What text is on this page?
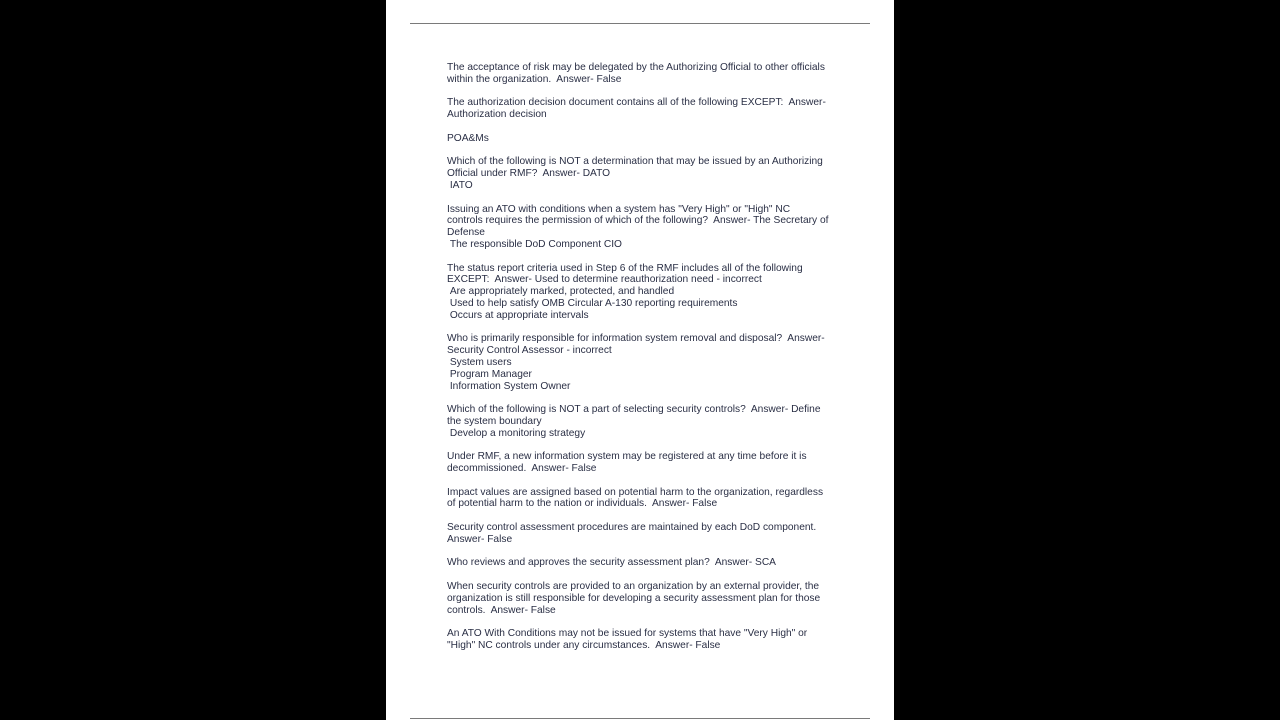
The acceptance of risk may be delegated by the Authorizing Official to other officials
within the organization.  Answer- False
The authorization decision document contains all of the following EXCEPT:  Answer-
Authorization decision
POA&Ms
Which of the following is NOT a determination that may be issued by an Authorizing
Official under RMF?  Answer- DATO
IATO
Issuing an ATO with conditions when a system has "Very High" or "High" NC
controls requires the permission of which of the following?  Answer- The Secretary of
Defense
The responsible DoD Component CIO
The status report criteria used in Step 6 of the RMF includes all of the following
EXCEPT:  Answer- Used to determine reauthorization need - incorrect
Are appropriately marked, protected, and handled
Used to help satisfy OMB Circular A-130 reporting requirements
Occurs at appropriate intervals
Who is primarily responsible for information system removal and disposal?  Answer-
Security Control Assessor - incorrect
System users
Program Manager
Information System Owner
Which of the following is NOT a part of selecting security controls?  Answer- Define
the system boundary
Develop a monitoring strategy
Under RMF, a new information system may be registered at any time before it is
decommissioned.  Answer- False
Impact values are assigned based on potential harm to the organization, regardless
of potential harm to the nation or individuals.  Answer- False
Security control assessment procedures are maintained by each DoD component.
Answer- False
Who reviews and approves the security assessment plan?  Answer- SCA
When security controls are provided to an organization by an external provider, the
organization is still responsible for developing a security assessment plan for those
controls.  Answer- False
An ATO With Conditions may not be issued for systems that have "Very High" or
"High" NC controls under any circumstances.  Answer- False
